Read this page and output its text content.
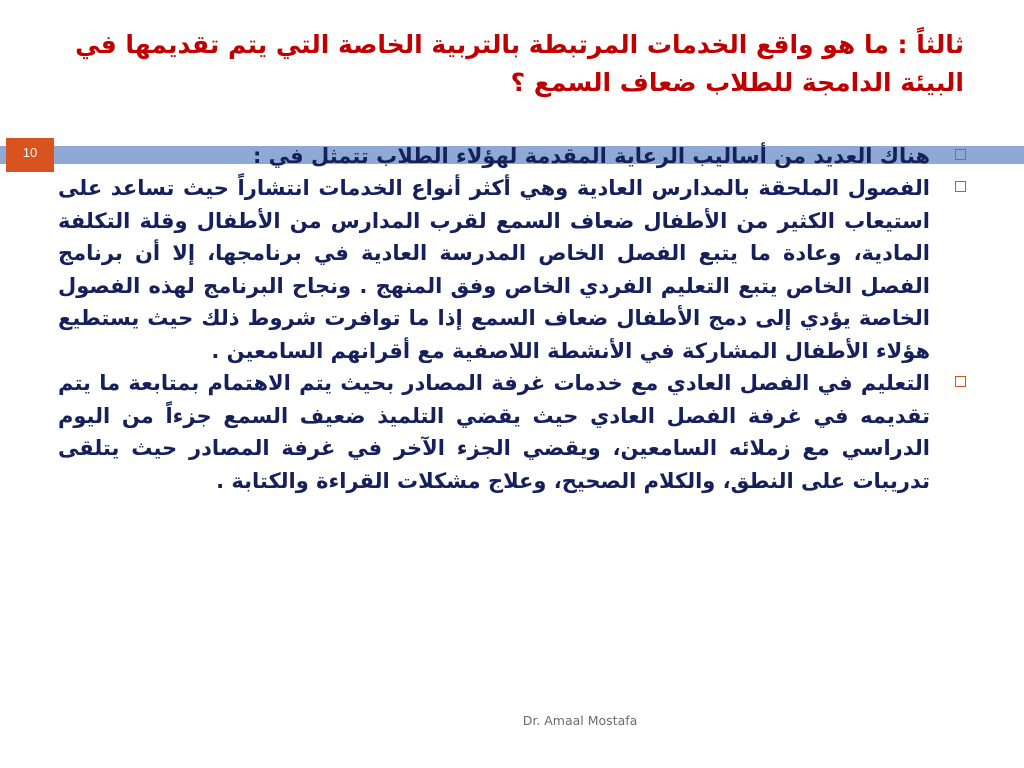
ثالثاً : ما هو واقع الخدمات المرتبطة بالتربية الخاصة التي يتم تقديمها في البيئة الدامجة للطلاب ضعاف السمع ؟
10	هناك العديد من أساليب الرعاية المقدمة لهؤلاء الطلاب تتمثل في :
الفصول الملحقة بالمدارس العادية وهي أكثر أنواع الخدمات انتشاراً حيث تساعد على استيعاب الكثير من الأطفال ضعاف السمع لقرب المدارس من الأطفال وقلة التكلفة المادية، وعادة ما يتبع الفصل الخاص المدرسة العادية في برنامجها، إلا أن برنامج الفصل الخاص يتبع التعليم الفردي الخاص وفق المنهج . ونجاح البرنامج لهذه الفصول الخاصة يؤدي إلى دمج الأطفال ضعاف السمع إذا ما توافرت شروط ذلك حيث يستطيع هؤلاء الأطفال المشاركة في الأنشطة اللاصفية مع أقرانهم السامعين .
التعليم في الفصل العادي مع خدمات غرفة المصادر بحيث يتم الاهتمام بمتابعة ما يتم تقديمه في غرفة الفصل العادي حيث يقضي التلميذ ضعيف السمع جزءاً من اليوم الدراسي مع زملائه السامعين، ويقضي الجزء الآخر في غرفة المصادر حيث يتلقى تدريبات على النطق، والكلام الصحيح، وعلاج مشكلات القراءة والكتابة .
Dr. Amaal Mostafa
